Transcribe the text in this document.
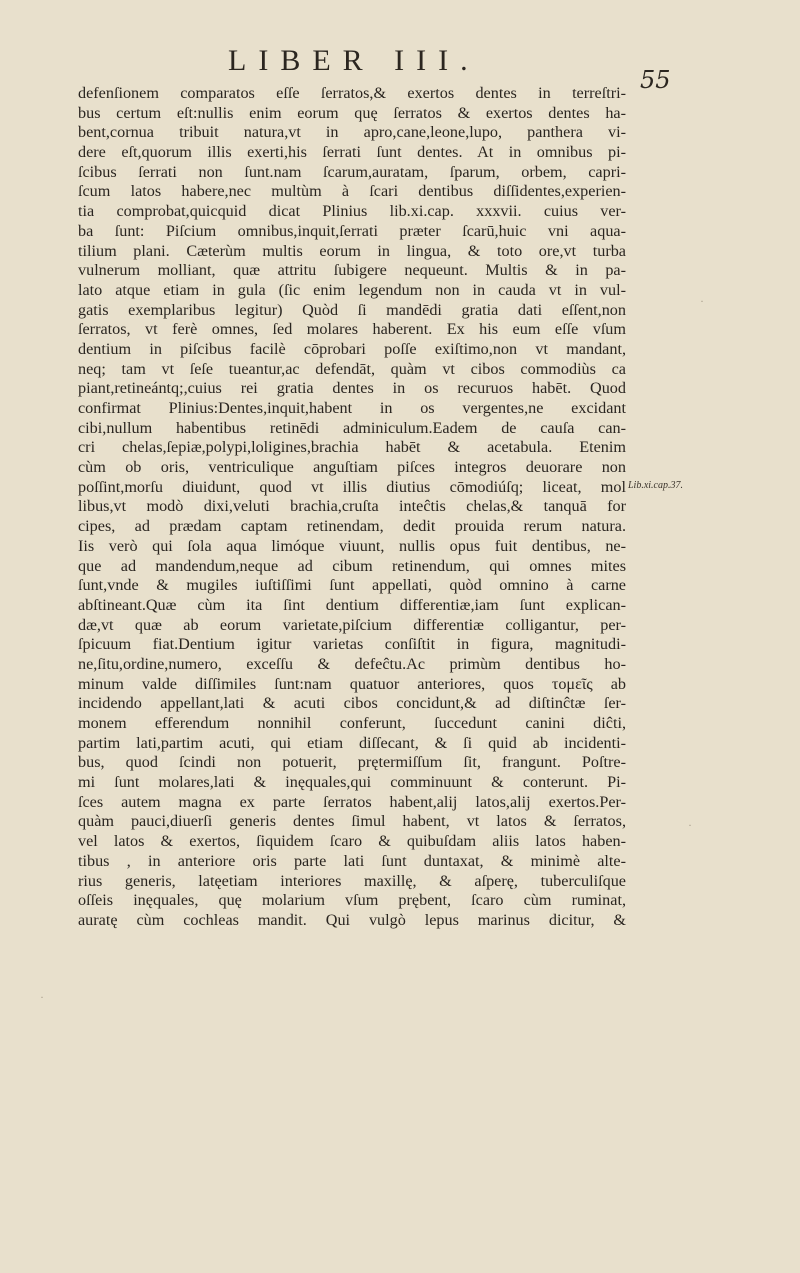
LIBER III.
55
defenſionem comparatos eſſe ſerratos,& exertos dentes in terreſtri-
bus certum eſt:nullis enim eorum quę ſerratos & exertos dentes ha-
bent,cornua tribuit natura,vt in apro,cane,leone,lupo, panthera vi-
dere eſt,quorum illis exerti,his ſerrati ſunt dentes. At in omnibus pi-
ſcibus ſerrati non ſunt.nam ſcarum,auratam, ſparum, orbem, capri-
ſcum latos habere,nec multùm à ſcari dentibus diſſidentes,experien-
tia comprobat,quicquid dicat Plinius lib.xi.cap. xxxvii. cuius ver-
ba ſunt: Piſcium omnibus,inquit,ſerrati præter ſcarū,huic vni aqua-
tilium plani. Cæterùm multis eorum in lingua, & toto ore,vt turba
vulnerum molliant, quæ attritu ſubigere nequeunt. Multis & in pa-
lato atque etiam in gula (ſic enim legendum non in cauda vt in vul-
gatis exemplaribus legitur) Quòd ſi mandēdi gratia dati eſſent,non
ſerratos, vt ferè omnes, ſed molares haberent. Ex his eum eſſe vſum
dentium in piſcibus facilè cōprobari poſſe exiſtimo,non vt mandant,
neq; tam vt ſeſe tueantur,ac defendāt, quàm vt cibos commodiùs ca
piant,retineántq;,cuius rei gratia dentes in os recuruos habēt. Quod
confirmat Plinius:Dentes,inquit,habent in os vergentes,ne excidant
cibi,nullum habentibus retinēdi adminiculum.Eadem de cauſa can-
cri chelas,ſepiæ,polypi,loligines,brachia habēt & acetabula. Etenim
cùm ob oris, ventriculique anguſtiam piſces integros deuorare non
poſſint,morſu diuidunt, quod vt illis diutius cōmodiúſq; liceat, mol
libus,vt modò dixi,veluti brachia,cruſta inteĉtis chelas,& tanquā for
cipes, ad prædam captam retinendam, dedit prouida rerum natura.
Iis verò qui ſola aqua limóque viuunt, nullis opus fuit dentibus, ne-
que ad mandendum,neque ad cibum retinendum, qui omnes mites
ſunt,vnde & mugiles iuſtiſſimi ſunt appellati, quòd omnino à carne
abſtineant.Quæ cùm ita ſint dentium differentiæ,iam ſunt explican-
dæ,vt quæ ab eorum varietate,piſcium differentiæ colligantur, per-
ſpicuum fiat.Dentium igitur varietas conſiſtit in figura, magnitudi-
ne,ſitu,ordine,numero, exceſſu & defeĉtu.Ac primùm dentibus ho-
minum valde diſſimiles ſunt:nam quatuor anteriores, quos τομεῖς ab
incidendo appellant,lati & acuti cibos concidunt,& ad diſtinĉtæ ſer-
monem efferendum nonnihil conferunt, ſuccedunt canini diĉti,
partim lati,partim acuti, qui etiam diſſecant, & ſi quid ab incidenti-
bus, quod ſcindi non potuerit, prętermiſſum ſit, frangunt. Poſtre-
mi ſunt molares,lati & inęquales,qui comminuunt & conterunt. Pi-
ſces autem magna ex parte ſerratos habent,alij latos,alij exertos.Per-
quàm pauci,diuerſi generis dentes ſimul habent, vt latos & ſerratos,
vel latos & exertos, ſiquidem ſcaro & quibuſdam aliis latos haben-
tibus , in anteriore oris parte lati ſunt duntaxat, & minimè alte-
rius generis, latęetiam interiores maxillę, & aſperę, tuberculiſque
oſſeis inęquales, quę molarium vſum prębent, ſcaro cùm ruminat,
auratę cùm cochleas mandit. Qui vulgò lepus marinus dicitur, &
Lib.xi.cap.37.
·
·
·
